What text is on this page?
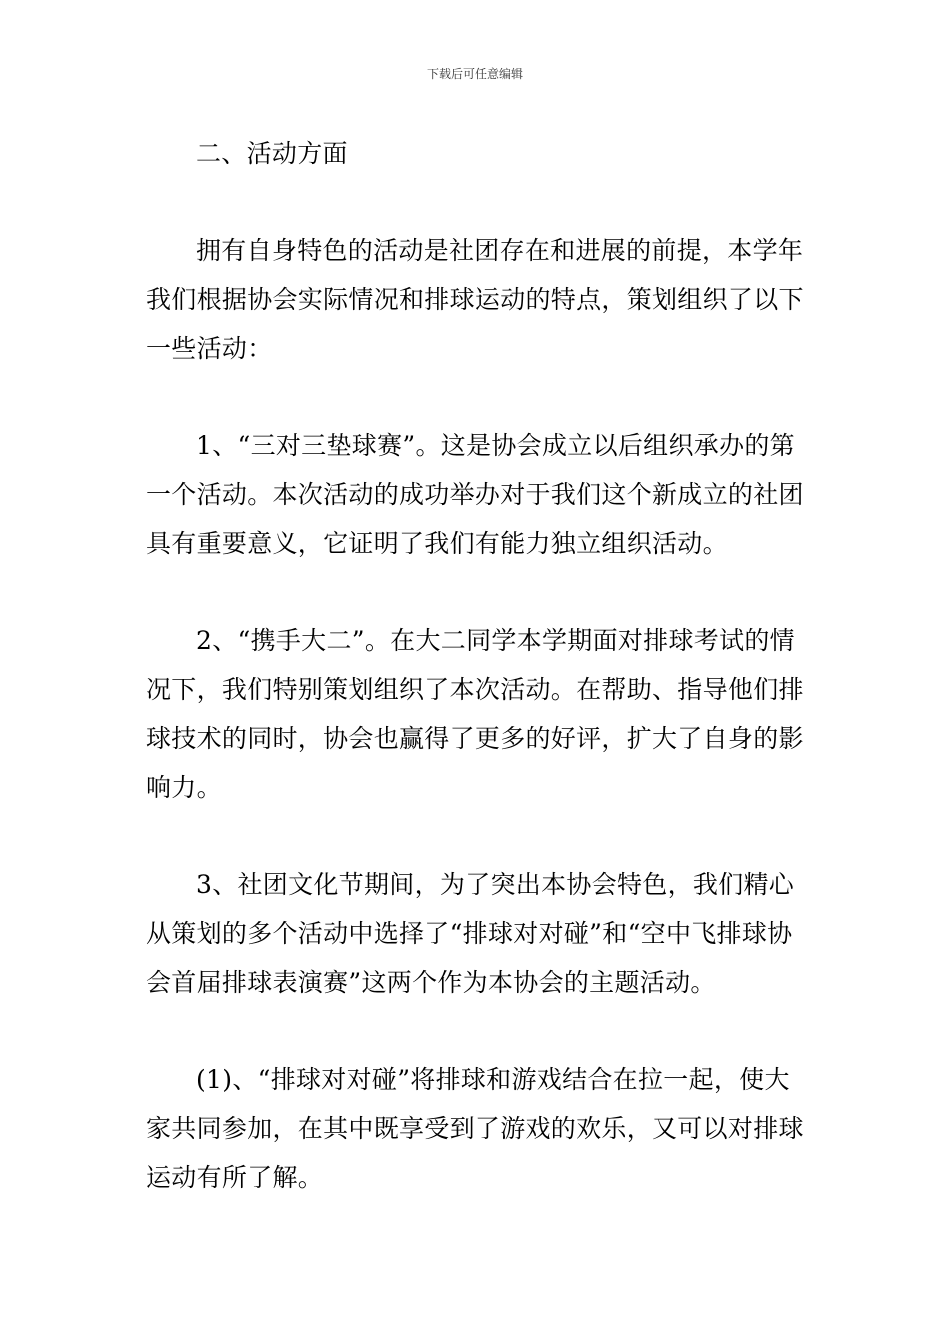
下载后可任意编辑

二、活动方面

拥有自身特色的活动是社团存在和进展的前提，本学年我们根据协会实际情况和排球运动的特点，策划组织了以下一些活动：

1、“三对三垫球赛”。这是协会成立以后组织承办的第一个活动。本次活动的成功举办对于我们这个新成立的社团具有重要意义，它证明了我们有能力独立组织活动。

2、“携手大二”。在大二同学本学期面对排球考试的情况下，我们特别策划组织了本次活动。在帮助、指导他们排球技术的同时，协会也赢得了更多的好评，扩大了自身的影响力。

3、社团文化节期间，为了突出本协会特色，我们精心从策划的多个活动中选择了“排球对对碰”和“空中飞排球协会首届排球表演赛”这两个作为本协会的主题活动。

(1)、“排球对对碰”将排球和游戏结合在拉一起，使大家共同参加，在其中既享受到了游戏的欢乐，又可以对排球运动有所了解。
